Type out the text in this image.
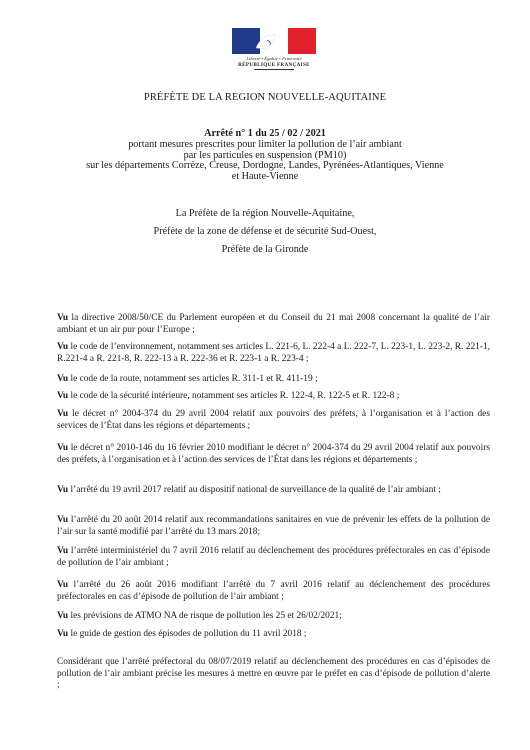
Liberté • Égalité • Fraternité
RÉPUBLIQUE FRANÇAISE
PRÉFÈTE DE LA REGION NOUVELLE-AQUITAINE
Arrêté n° 1 du 25 / 02 / 2021
portant mesures prescrites pour limiter la pollution de l’air ambiant
par les particules en suspension (PM10)
sur les départements Corrèze, Creuse, Dordogne, Landes, Pyrénées-Atlantiques, Vienne
et Haute-Vienne
La Préfète de la région Nouvelle-Aquitaine,
Préfète de la zone de défense et de sécurité Sud-Ouest,
Préfète de la Gironde
Vu la directive 2008/50/CE du Parlement européen et du Conseil du 21 mai 2008 concernant la qualité de l’air ambiant et un air pur pour l’Europe ;
Vu le code de l’environnement, notamment ses articles L. 221-6, L. 222-4 a L. 222-7, L. 223-1, L. 223-2, R. 221-1, R.221-4 a R. 221-8, R. 222-13 a R. 222-36 et R. 223-1 a R. 223-4 ;
Vu le code de la route, notamment ses articles R. 311-1 et R. 411-19 ;
Vu le code de la sécurité intérieure, notamment ses articles R. 122-4, R. 122-5 et R. 122-8 ;
Vu le décret n° 2004-374 du 29 avril 2004 relatif aux pouvoirs des préfets, à l’organisation et à l’action des services de l’État dans les régions et départements ;
Vu le décret n° 2010-146 du 16 février 2010 modifiant le décret n° 2004-374 du 29 avril 2004 relatif aux pouvoirs des préfets, à l’organisation et à l’action des services de l’État dans les régions et départements ;
Vu l’arrêté du 19 avril 2017 relatif au dispositif national de surveillance de la qualité de l’air ambiant ;
Vu l’arrêté du 20 août 2014 relatif aux recommandations sanitaires en vue de prévenir les effets de la pollution de l’air sur la santé modifié par l’arrêté du 13 mars 2018;
Vu l’arrêté interministériel du 7 avril 2016 relatif au déclenchement des procédures préfectorales en cas d’épisode de pollution de l’air ambiant ;
Vu l’arrêté du 26 août 2016 modifiant l’arrêté du 7 avril 2016 relatif au déclenchement des procédures préfectorales en cas d’épisode de pollution de l’air ambiant ;
Vu les prévisions de ATMO NA de risque de pollution les 25 et 26/02/2021;
Vu le guide de gestion des épisodes de pollution du 11 avril 2018 ;
Considérant que l’arrêté préfectoral du 08/07/2019 relatif au déclenchement des procédures en cas d’épisodes de pollution de l’air ambiant précise les mesures à mettre en œuvre par le préfet en cas d’épisode de pollution d’alerte ;
